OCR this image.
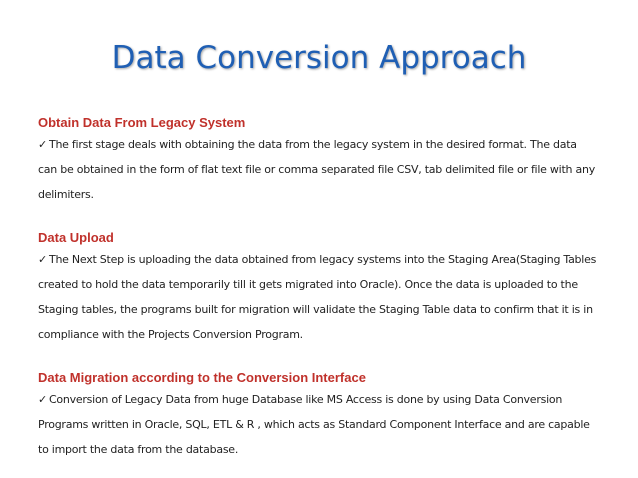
Data Conversion Approach
Obtain Data From Legacy System

✓ The first stage deals with obtaining the data from the legacy system in the desired format. The data can be obtained in the form of flat text file or comma separated file CSV, tab delimited file or file with any delimiters.

Data Upload

✓ The Next Step is uploading the data obtained from legacy systems into the Staging Area(Staging Tables created to hold the data temporarily till it gets migrated into Oracle). Once the data is uploaded to the Staging tables, the programs built for migration will validate the Staging Table data to confirm that it is in compliance with the Projects Conversion Program.

Data Migration according to the Conversion Interface

✓ Conversion of Legacy Data from huge Database like MS Access is done by using Data Conversion Programs written in Oracle, SQL, ETL & R , which acts as Standard Component Interface and are capable to import the data from the database.
